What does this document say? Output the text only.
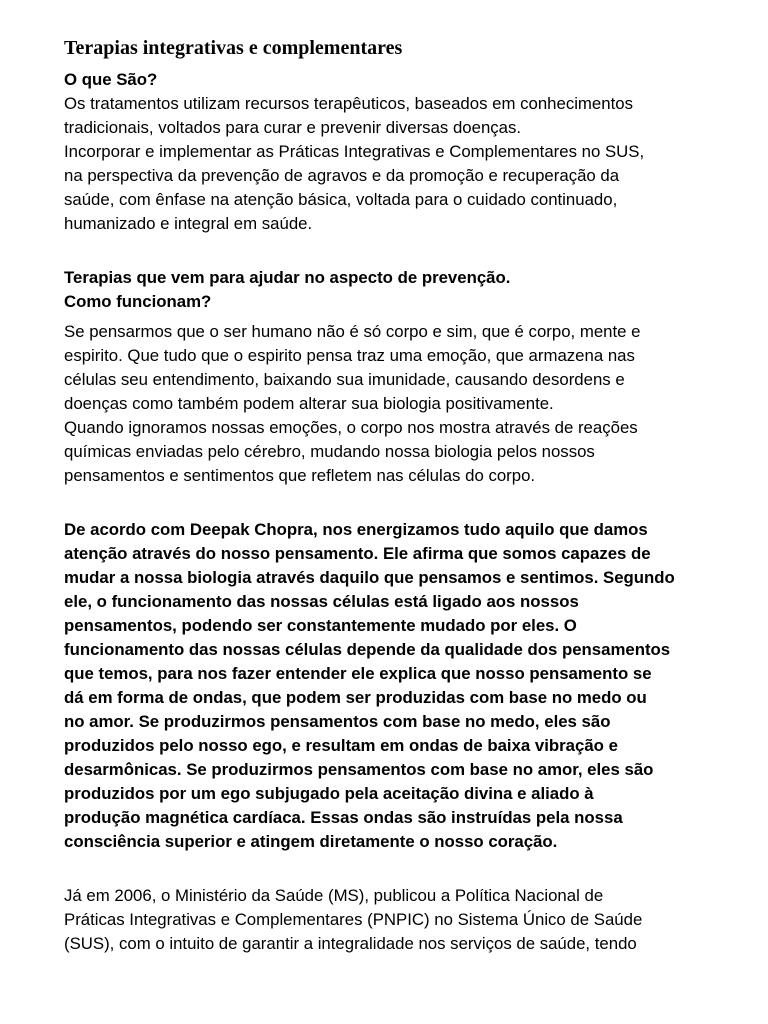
Terapias integrativas e complementares
O que São?
Os tratamentos utilizam recursos terapêuticos, baseados em conhecimentos
tradicionais, voltados para curar e prevenir diversas doenças.
Incorporar e implementar as Práticas Integrativas e Complementares no SUS,
na perspectiva da prevenção de agravos e da promoção e recuperação da
saúde, com ênfase na atenção básica, voltada para o cuidado continuado,
humanizado e integral em saúde.
Terapias que vem para ajudar no aspecto de prevenção.
Como funcionam?
Se pensarmos que o ser humano não é só corpo e sim, que é corpo, mente e
espirito. Que tudo que o espirito pensa traz uma emoção, que armazena nas
células seu entendimento, baixando sua imunidade, causando desordens e
doenças como também podem alterar sua biologia positivamente.
Quando ignoramos nossas emoções, o corpo nos mostra através de reações
químicas enviadas pelo cérebro, mudando nossa biologia pelos nossos
pensamentos e sentimentos que refletem nas células do corpo.
De acordo com Deepak Chopra, nos energizamos tudo aquilo que damos
atenção através do nosso pensamento. Ele afirma que somos capazes de
mudar a nossa biologia através daquilo que pensamos e sentimos. Segundo
ele, o funcionamento das nossas células está ligado aos nossos
pensamentos, podendo ser constantemente mudado por eles. O
funcionamento das nossas células depende da qualidade dos pensamentos
que temos, para nos fazer entender ele explica que nosso pensamento se
dá em forma de ondas, que podem ser produzidas com base no medo ou
no amor. Se produzirmos pensamentos com base no medo, eles são
produzidos pelo nosso ego, e resultam em ondas de baixa vibração e
desarmônicas. Se produzirmos pensamentos com base no amor, eles são
produzidos por um ego subjugado pela aceitação divina e aliado à
produção magnética cardíaca. Essas ondas são instruídas pela nossa
consciência superior e atingem diretamente o nosso coração.
Já em 2006, o Ministério da Saúde (MS), publicou a Política Nacional de
Práticas Integrativas e Complementares (PNPIC) no Sistema Único de Saúde
(SUS), com o intuito de garantir a integralidade nos serviços de saúde, tendo
